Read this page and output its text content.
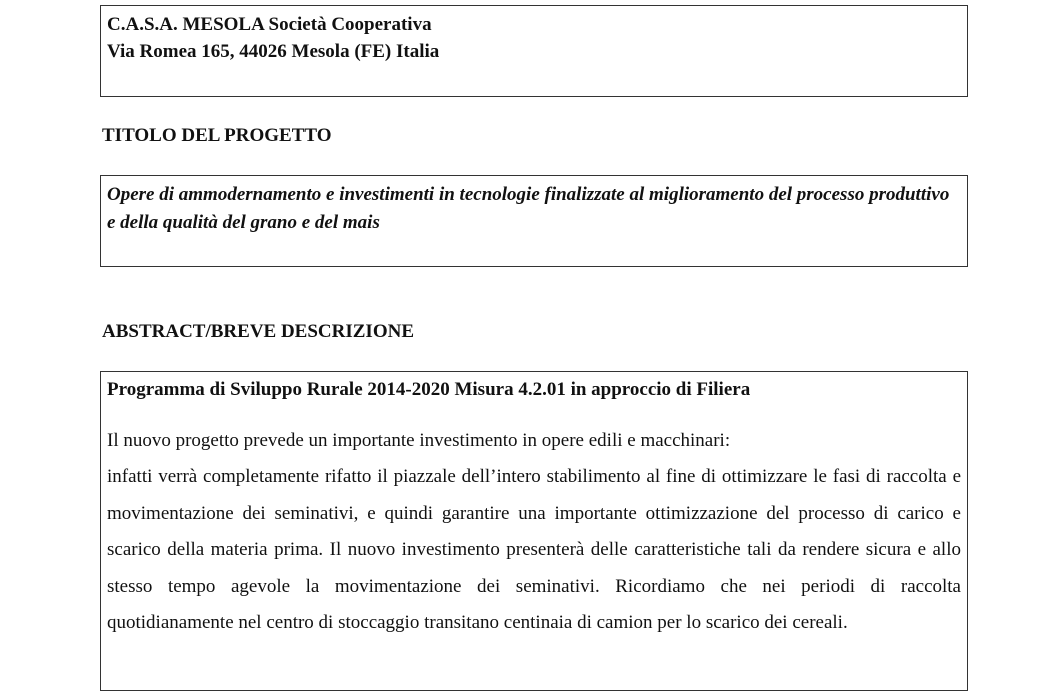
C.A.S.A. MESOLA Società Cooperativa
Via Romea 165, 44026 Mesola (FE) Italia
TITOLO DEL PROGETTO
Opere di ammodernamento e investimenti in tecnologie finalizzate al miglioramento del processo produttivo e della qualità del grano e del mais
ABSTRACT/BREVE DESCRIZIONE
Programma di Sviluppo Rurale 2014-2020 Misura 4.2.01 in approccio di Filiera
Il nuovo progetto prevede un importante investimento in opere edili e macchinari:
infatti verrà completamente rifatto il piazzale dell’intero stabilimento al fine di ottimizzare le fasi di raccolta e movimentazione dei seminativi, e quindi garantire una importante ottimizzazione del processo di carico e scarico della materia prima. Il nuovo investimento presenterà delle caratteristiche tali da rendere sicura e allo stesso tempo agevole la movimentazione dei seminativi. Ricordiamo che nei periodi di raccolta quotidianamente nel centro di stoccaggio transitano centinaia di camion per lo scarico dei cereali.
